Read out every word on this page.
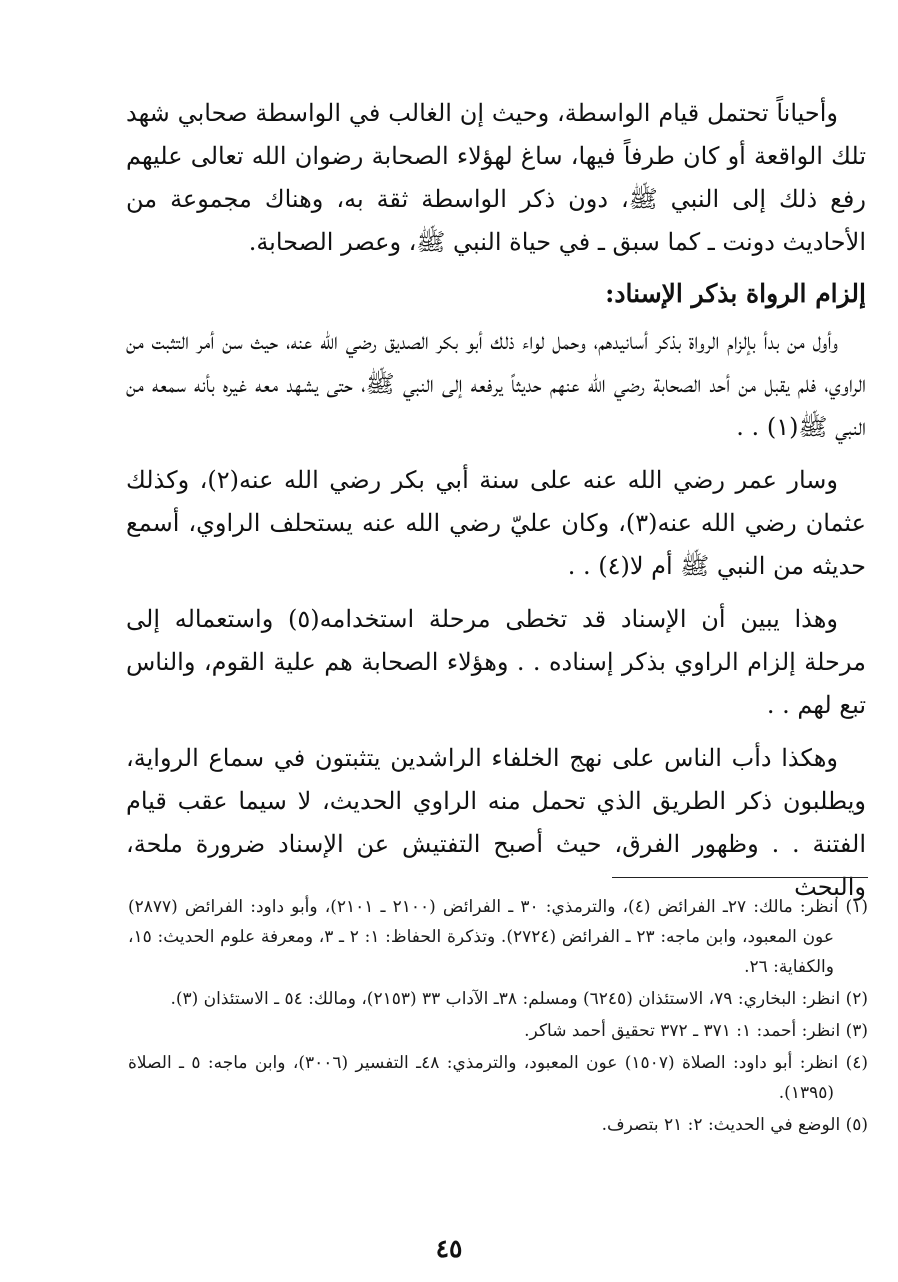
وأحياناً تحتمل قيام الواسطة، وحيث إن الغالب في الواسطة صحابي شهد تلك الواقعة أو كان طرفاً فيها، ساغ لهؤلاء الصحابة رضوان الله تعالى عليهم رفع ذلك إلى النبي ﷺ، دون ذكر الواسطة ثقة به، وهناك مجموعة من الأحاديث دونت ـ كما سبق ـ في حياة النبي ﷺ، وعصر الصحابة.

إلزام الرواة بذكر الإسناد:

وأول من بدأ بإلزام الرواة بذكر أسانيدهم، وحمل لواء ذلك أبو بكر الصديق رضي الله عنه، حيث سن أمر التثبت من الراوي، فلم يقبل من أحد الصحابة رضي الله عنهم حديثاً يرفعه إلى النبي ﷺ، حتى يشهد معه غيره بأنه سمعه من النبي ﷺ(١) . .

وسار عمر رضي الله عنه على سنة أبي بكر رضي الله عنه(٢)، وكذلك عثمان رضي الله عنه(٣)، وكان عليّ رضي الله عنه يستحلف الراوي، أسمع حديثه من النبي ﷺ أم لا(٤) . .

وهذا يبين أن الإسناد قد تخطى مرحلة استخدامه(٥) واستعماله إلى مرحلة إلزام الراوي بذكر إسناده . . وهؤلاء الصحابة هم علية القوم، والناس تبع لهم . .

وهكذا دأب الناس على نهج الخلفاء الراشدين يتثبتون في سماع الرواية، ويطلبون ذكر الطريق الذي تحمل منه الراوي الحديث، لا سيما عقب قيام الفتنة . . وظهور الفرق، حيث أصبح التفتيش عن الإسناد ضرورة ملحة، والبحث

(١) انظر: مالك: ٢٧ـ الفرائض (٤)، والترمذي: ٣٠ ـ الفرائض (٢١٠٠ ـ ٢١٠١)، وأبو داود: الفرائض (٢٨٧٧) عون المعبود، وابن ماجه: ٢٣ ـ الفرائض (٢٧٢٤). وتذكرة الحفاظ: ١: ٢ ـ ٣، ومعرفة علوم الحديث: ١٥، والكفاية: ٢٦.

(٢) انظر: البخاري: ٧٩، الاستئذان (٦٢٤٥) ومسلم: ٣٨ـ الآداب ٣٣ (٢١٥٣)، ومالك: ٥٤ ـ الاستئذان (٣).

(٣) انظر: أحمد: ١: ٣٧١ ـ ٣٧٢ تحقيق أحمد شاكر.

(٤) انظر: أبو داود: الصلاة (١٥٠٧) عون المعبود، والترمذي: ٤٨ـ التفسير (٣٠٠٦)، وابن ماجه: ٥ ـ الصلاة (١٣٩٥).

(٥) الوضع في الحديث: ٢: ٢١ بتصرف.

٤٥
